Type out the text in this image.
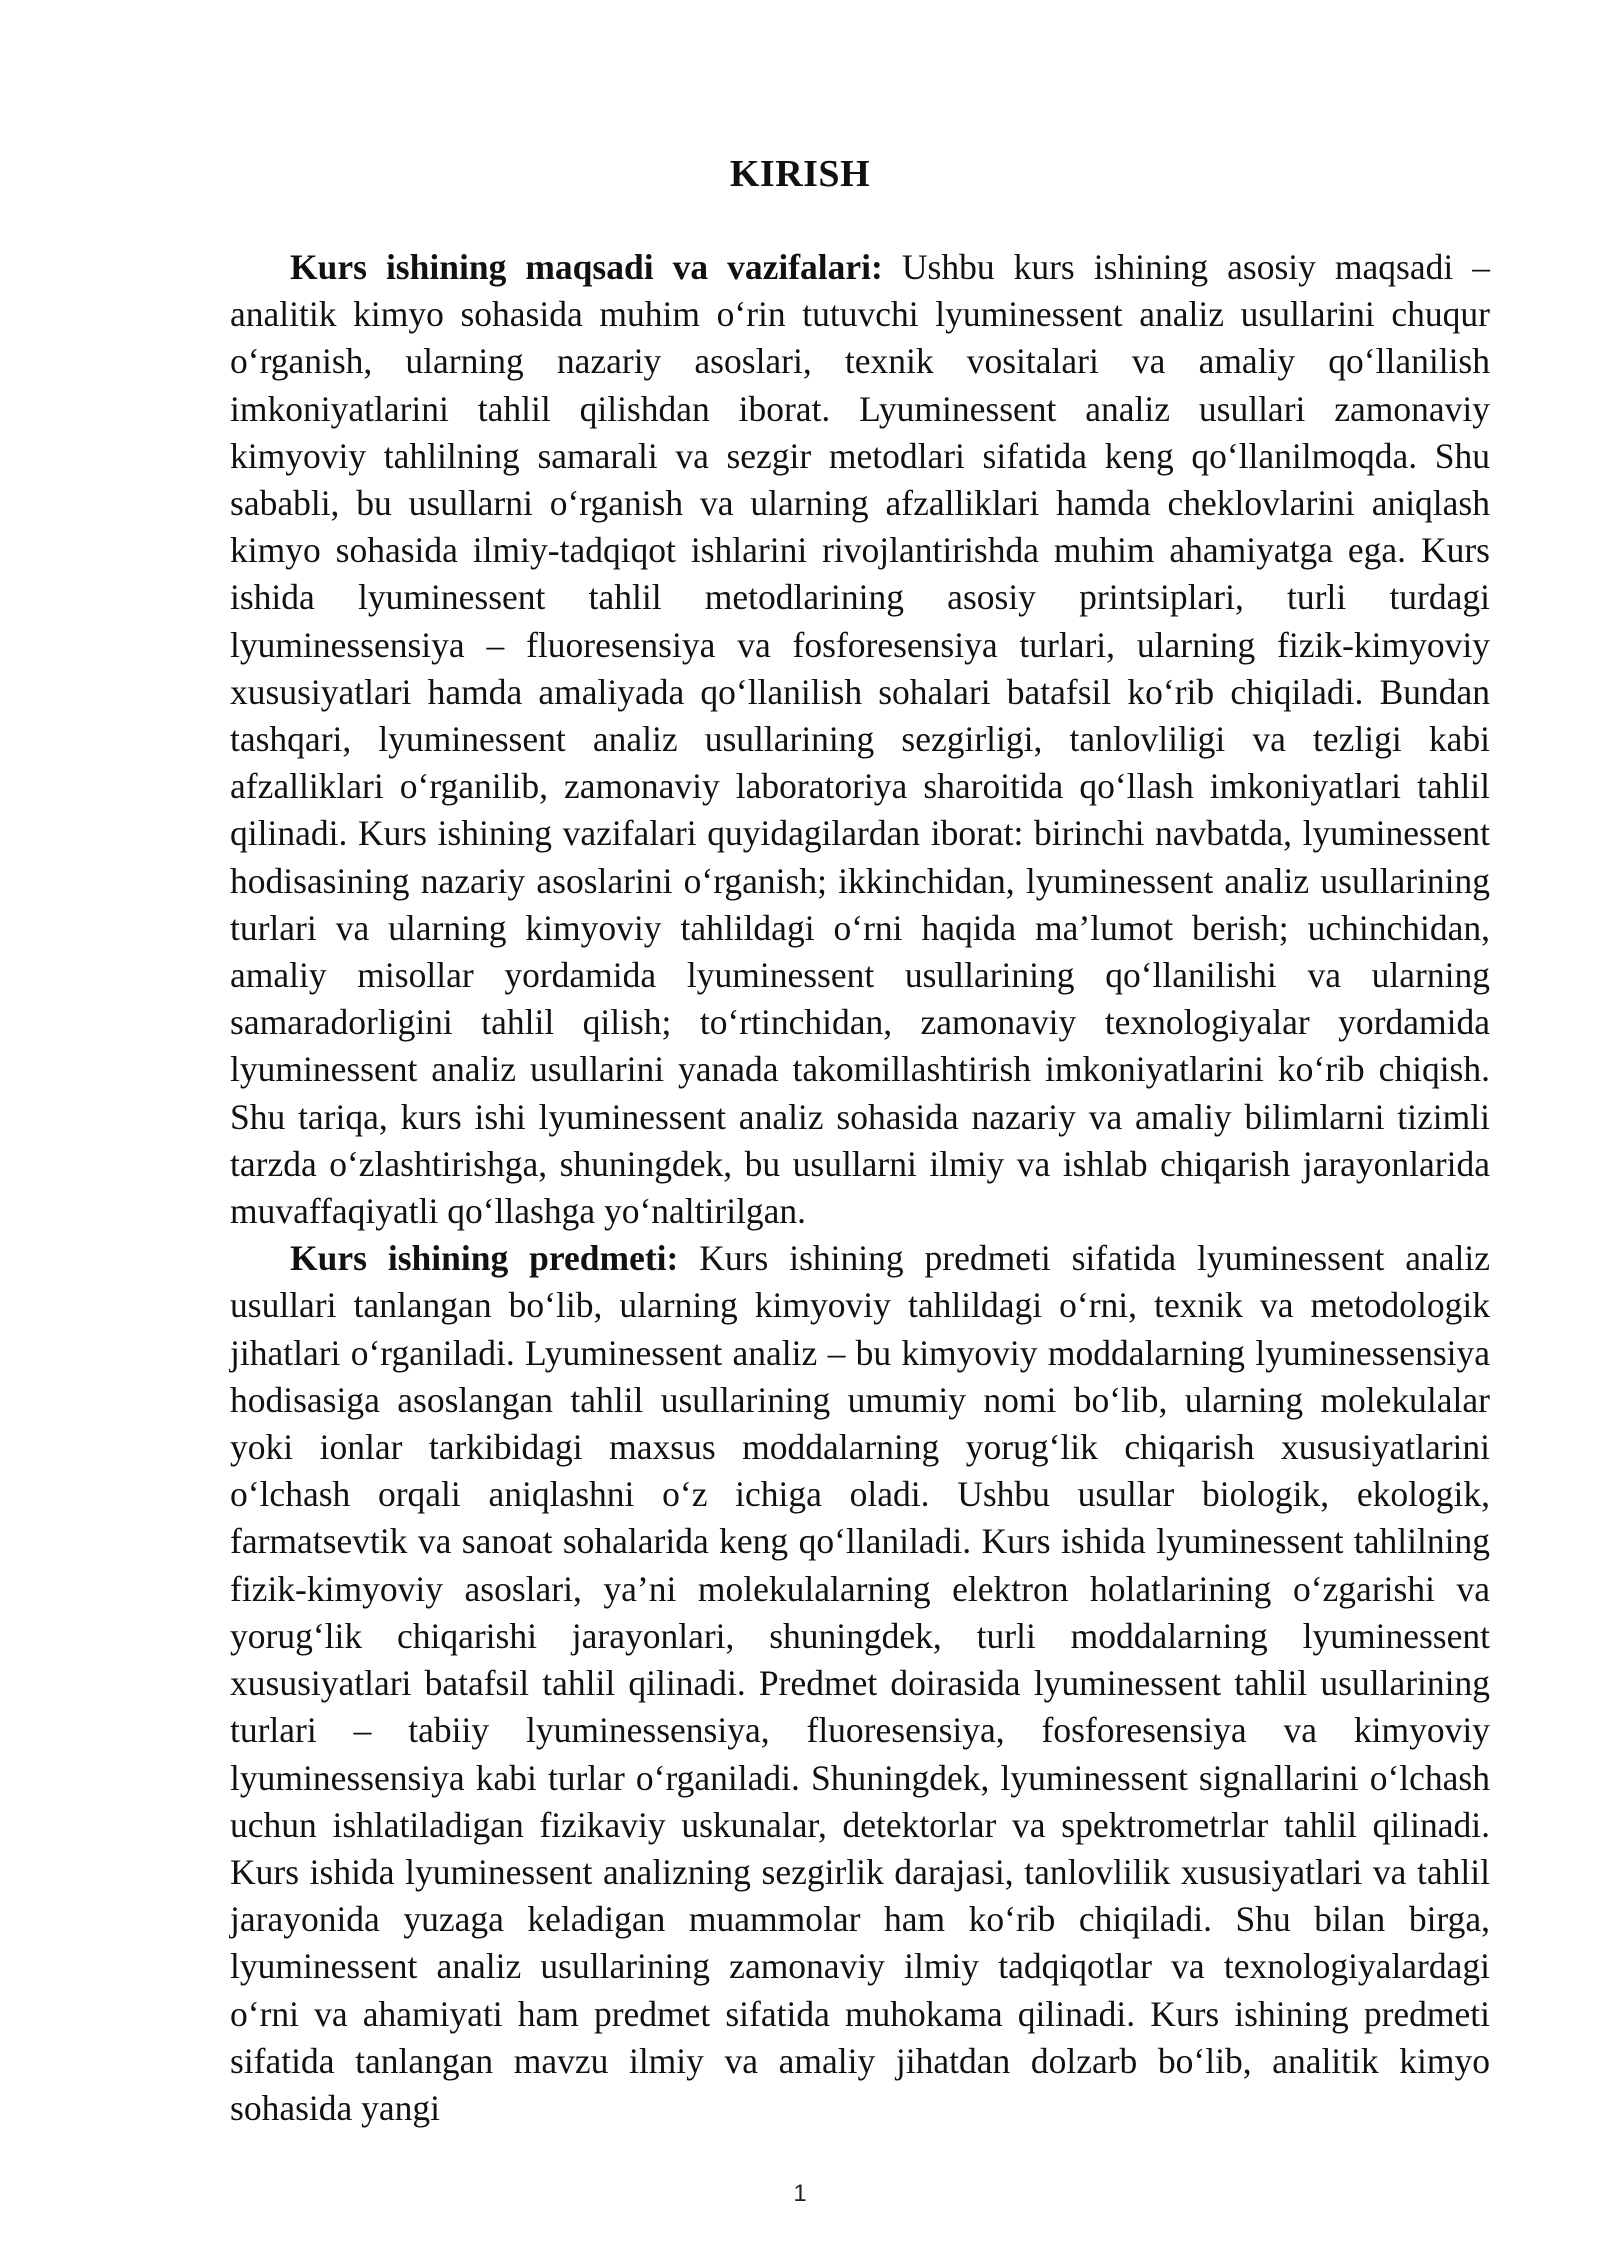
KIRISH

Kurs ishining maqsadi va vazifalari: Ushbu kurs ishining asosiy maqsadi – analitik kimyo sohasida muhim o‘rin tutuvchi lyuminessent analiz usullarini chuqur o‘rganish, ularning nazariy asoslari, texnik vositalari va amaliy qo‘llanilish imkoniyatlarini tahlil qilishdan iborat. Lyuminessent analiz usullari zamonaviy kimyoviy tahlilning samarali va sezgir metodlari sifatida keng qo‘llanilmoqda. Shu sababli, bu usullarni o‘rganish va ularning afzalliklari hamda cheklovlarini aniqlash kimyo sohasida ilmiy-tadqiqot ishlarini rivojlantirishda muhim ahamiyatga ega. Kurs ishida lyuminessent tahlil metodlarining asosiy printsiplari, turli turdagi lyuminessensiya – fluoresensiya va fosforesensiya turlari, ularning fizik-kimyoviy xususiyatlari hamda amaliyada qo‘llanilish sohalari batafsil ko‘rib chiqiladi. Bundan tashqari, lyuminessent analiz usullarining sezgirligi, tanlovliligi va tezligi kabi afzalliklari o‘rganilib, zamonaviy laboratoriya sharoitida qo‘llash imkoniyatlari tahlil qilinadi. Kurs ishining vazifalari quyidagilardan iborat: birinchi navbatda, lyuminessent hodisasining nazariy asoslarini o‘rganish; ikkinchidan, lyuminessent analiz usullarining turlari va ularning kimyoviy tahlildagi o‘rni haqida ma’lumot berish; uchinchidan, amaliy misollar yordamida lyuminessent usullarining qo‘llanilishi va ularning samaradorligini tahlil qilish; to‘rtinchidan, zamonaviy texnologiyalar yordamida lyuminessent analiz usullarini yanada takomillashtirish imkoniyatlarini ko‘rib chiqish. Shu tariqa, kurs ishi lyuminessent analiz sohasida nazariy va amaliy bilimlarni tizimli tarzda o‘zlashtirishga, shuningdek, bu usullarni ilmiy va ishlab chiqarish jarayonlarida muvaffaqiyatli qo‘llashga yo‘naltirilgan.

Kurs ishining predmeti: Kurs ishining predmeti sifatida lyuminessent analiz usullari tanlangan bo‘lib, ularning kimyoviy tahlildagi o‘rni, texnik va metodologik jihatlari o‘rganiladi. Lyuminessent analiz – bu kimyoviy moddalarning lyuminessensiya hodisasiga asoslangan tahlil usullarining umumiy nomi bo‘lib, ularning molekulalar yoki ionlar tarkibidagi maxsus moddalarning yorug‘lik chiqarish xususiyatlarini o‘lchash orqali aniqlashni o‘z ichiga oladi. Ushbu usullar biologik, ekologik, farmatsevtik va sanoat sohalarida keng qo‘llaniladi. Kurs ishida lyuminessent tahlilning fizik-kimyoviy asoslari, ya’ni molekulalarning elektron holatlarining o‘zgarishi va yorug‘lik chiqarishi jarayonlari, shuningdek, turli moddalarning lyuminessent xususiyatlari batafsil tahlil qilinadi. Predmet doirasida lyuminessent tahlil usullarining turlari – tabiiy lyuminessensiya, fluoresensiya, fosforesensiya va kimyoviy lyuminessensiya kabi turlar o‘rganiladi. Shuningdek, lyuminessent signallarini o‘lchash uchun ishlatiladigan fizikaviy uskunalar, detektorlar va spektrometrlar tahlil qilinadi. Kurs ishida lyuminessent analizning sezgirlik darajasi, tanlovlilik xususiyatlari va tahlil jarayonida yuzaga keladigan muammolar ham ko‘rib chiqiladi. Shu bilan birga, lyuminessent analiz usullarining zamonaviy ilmiy tadqiqotlar va texnologiyalardagi o‘rni va ahamiyati ham predmet sifatida muhokama qilinadi. Kurs ishining predmeti sifatida tanlangan mavzu ilmiy va amaliy jihatdan dolzarb bo‘lib, analitik kimyo sohasida yangi

1
